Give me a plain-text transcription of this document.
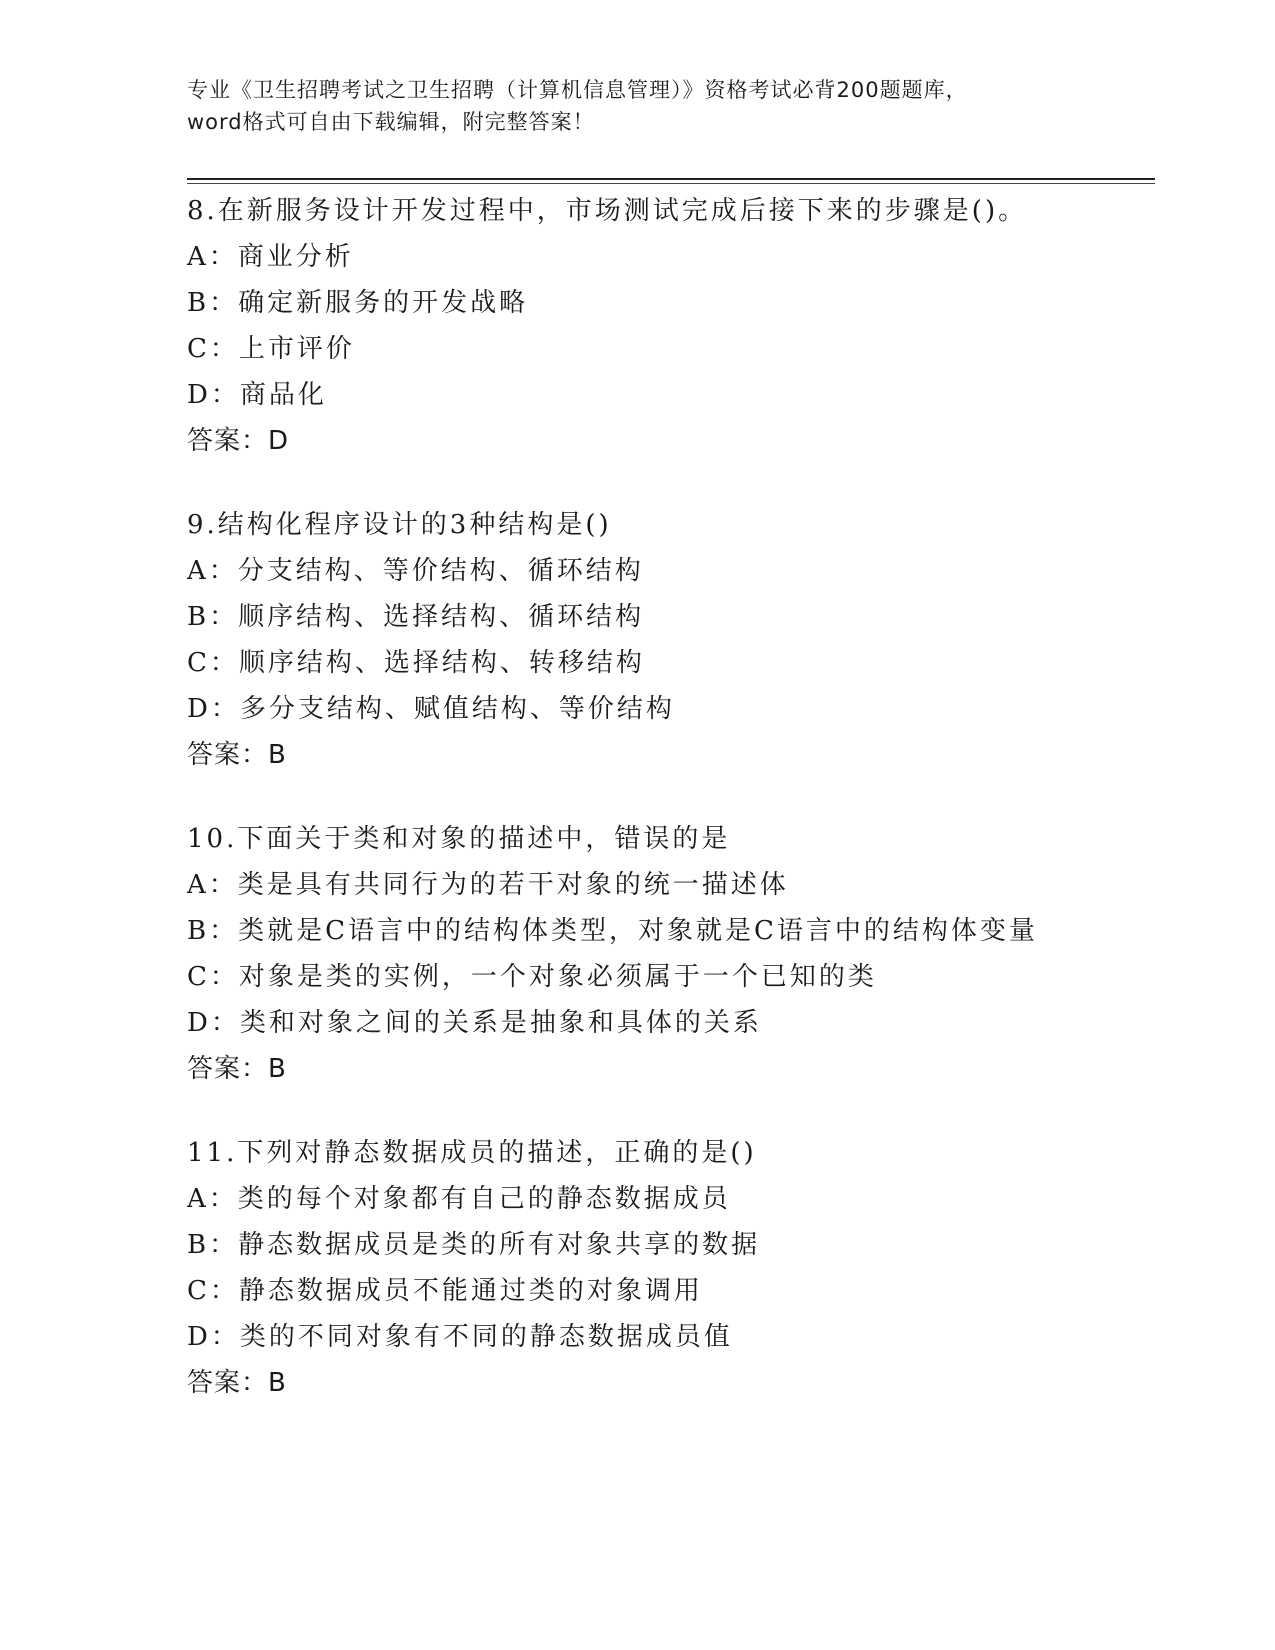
专业《卫生招聘考试之卫生招聘（计算机信息管理）》资格考试必背200题题库，
word格式可自由下载编辑，附完整答案！
8.在新服务设计开发过程中，市场测试完成后接下来的步骤是()。
A：商业分析
B：确定新服务的开发战略
C：上市评价
D：商品化
答案：D
9.结构化程序设计的3种结构是()
A：分支结构、等价结构、循环结构
B：顺序结构、选择结构、循环结构
C：顺序结构、选择结构、转移结构
D：多分支结构、赋值结构、等价结构
答案：B
10.下面关于类和对象的描述中，错误的是
A：类是具有共同行为的若干对象的统一描述体
B：类就是C语言中的结构体类型，对象就是C语言中的结构体变量
C：对象是类的实例，一个对象必须属于一个已知的类
D：类和对象之间的关系是抽象和具体的关系
答案：B
11.下列对静态数据成员的描述，正确的是()
A：类的每个对象都有自己的静态数据成员
B：静态数据成员是类的所有对象共享的数据
C：静态数据成员不能通过类的对象调用
D：类的不同对象有不同的静态数据成员值
答案：B
